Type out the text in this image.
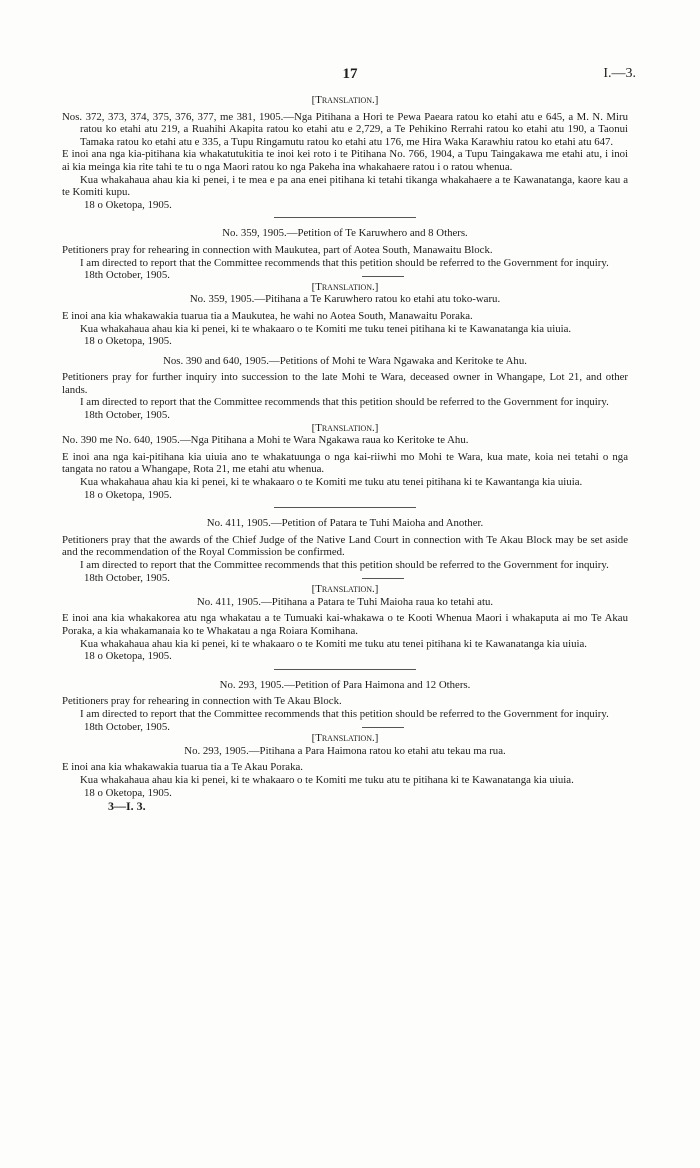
17	I.—3.

[Translation.]

Nos. 372, 373, 374, 375, 376, 377, me 381, 1905.—Nga Pitihana a Hori te Pewa Paeara ratou ko etahi atu e 645, a M. N. Miru ratou ko etahi atu 219, a Ruahihi Akapita ratou ko etahi atu e 2,729, a Te Pehikino Rerrahi ratou ko etahi atu 190, a Taonui Tamaka ratou ko etahi atu e 335, a Tupu Ringamutu ratou ko etahi atu 176, me Hira Waka Karawhiu ratou ko etahi atu 647.

E inoi ana nga kia-pitihana kia whakatutukitia te inoi kei roto i te Pitihana No. 766, 1904, a Tupu Taingakawa me etahi atu, i inoi ai kia meinga kia rite tahi te tu o nga Maori ratou ko nga Pakeha ina whakahaere ratou i o ratou whenua.

Kua whakahaua ahau kia ki penei, i te mea e pa ana enei pitihana ki tetahi tikanga whakahaere a te Kawanatanga, kaore kau a te Komiti kupu.

18 o Oketopa, 1905.

No. 359, 1905.—Petition of Te Karuwhero and 8 Others.

Petitioners pray for rehearing in connection with Maukutea, part of Aotea South, Manawaitu Block.

I am directed to report that the Committee recommends that this petition should be referred to the Government for inquiry.

18th October, 1905.

[Translation.]

No. 359, 1905.—Pitihana a Te Karuwhero ratou ko etahi atu toko-waru.

E inoi ana kia whakawakia tuarua tia a Maukutea, he wahi no Aotea South, Manawaitu Poraka.

Kua whakahaua ahau kia ki penei, ki te whakaaro o te Komiti me tuku tenei pitihana ki te Kawanatanga kia uiuia.

18 o Oketopa, 1905.

Nos. 390 and 640, 1905.—Petitions of Mohi te Wara Ngawaka and Keritoke te Ahu.

Petitioners pray for further inquiry into succession to the late Mohi te Wara, deceased owner in Whangape, Lot 21, and other lands.

I am directed to report that the Committee recommends that this petition should be referred to the Government for inquiry.

18th October, 1905.

[Translation.]

No. 390 me No. 640, 1905.—Nga Pitihana a Mohi te Wara Ngakawa raua ko Keritoke te Ahu.

E inoi ana nga kai-pitihana kia uiuia ano te whakatuunga o nga kai-riiwhi mo Mohi te Wara, kua mate, koia nei tetahi o nga tangata no ratou a Whangape, Rota 21, me etahi atu whenua.

Kua whakahaua ahau kia ki penei, ki te whakaaro o te Komiti me tuku atu tenei pitihana ki te Kawantanga kia uiuia.

18 o Oketopa, 1905.

No. 411, 1905.—Petition of Patara te Tuhi Maioha and Another.

Petitioners pray that the awards of the Chief Judge of the Native Land Court in connection with Te Akau Block may be set aside and the recommendation of the Royal Commission be confirmed.

I am directed to report that the Committee recommends that this petition should be referred to the Government for inquiry.

18th October, 1905.

[Translation.]

No. 411, 1905.—Pitihana a Patara te Tuhi Maioha raua ko tetahi atu.

E inoi ana kia whakakorea atu nga whakatau a te Tumuaki kai-whakawa o te Kooti Whenua Maori i whakaputa ai mo Te Akau Poraka, a kia whakamanaia ko te Whakatau a nga Roiara Komihana.

Kua whakahaua ahau kia ki penei, ki te whakaaro o te Komiti me tuku atu tenei pitihana ki te Kawanatanga kia uiuia.

18 o Oketopa, 1905.

No. 293, 1905.—Petition of Para Haimona and 12 Others.

Petitioners pray for rehearing in connection with Te Akau Block.

I am directed to report that the Committee recommends that this petition should be referred to the Government for inquiry.

18th October, 1905.

[Translation.]

No. 293, 1905.—Pitihana a Para Haimona ratou ko etahi atu tekau ma rua.

E inoi ana kia whakawakia tuarua tia a Te Akau Poraka.

Kua whakahaua ahau kia ki penei, ki te whakaaro o te Komiti me tuku atu te pitihana ki te Kawanatanga kia uiuia.

18 o Oketopa, 1905.

3—I. 3.
